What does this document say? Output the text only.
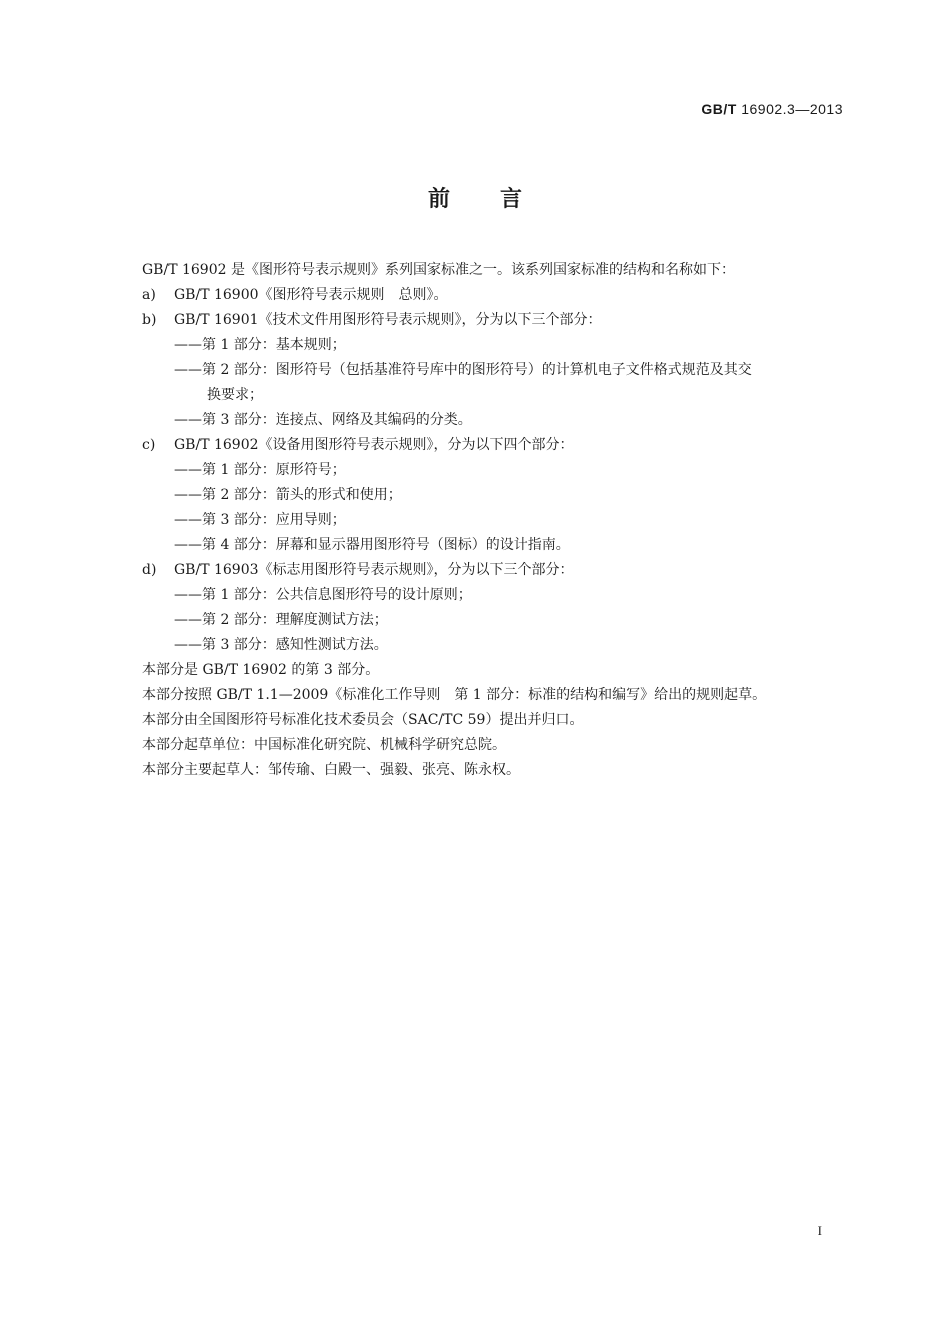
GB/T 16902.3—2013
前言
GB/T 16902 是《图形符号表示规则》系列国家标准之一。该系列国家标准的结构和名称如下：
a) GB/T 16900《图形符号表示规则　总则》。
b) GB/T 16901《技术文件用图形符号表示规则》，分为以下三个部分：
——第 1 部分：基本规则；
——第 2 部分：图形符号（包括基准符号库中的图形符号）的计算机电子文件格式规范及其交
换要求；
——第 3 部分：连接点、网络及其编码的分类。
c) GB/T 16902《设备用图形符号表示规则》，分为以下四个部分：
——第 1 部分：原形符号；
——第 2 部分：箭头的形式和使用；
——第 3 部分：应用导则；
——第 4 部分：屏幕和显示器用图形符号（图标）的设计指南。
d) GB/T 16903《标志用图形符号表示规则》，分为以下三个部分：
——第 1 部分：公共信息图形符号的设计原则；
——第 2 部分：理解度测试方法；
——第 3 部分：感知性测试方法。
本部分是 GB/T 16902 的第 3 部分。
本部分按照 GB/T 1.1—2009《标准化工作导则　第 1 部分：标准的结构和编写》给出的规则起草。
本部分由全国图形符号标准化技术委员会（SAC/TC 59）提出并归口。
本部分起草单位：中国标准化研究院、机械科学研究总院。
本部分主要起草人：邹传瑜、白殿一、强毅、张亮、陈永权。
I
